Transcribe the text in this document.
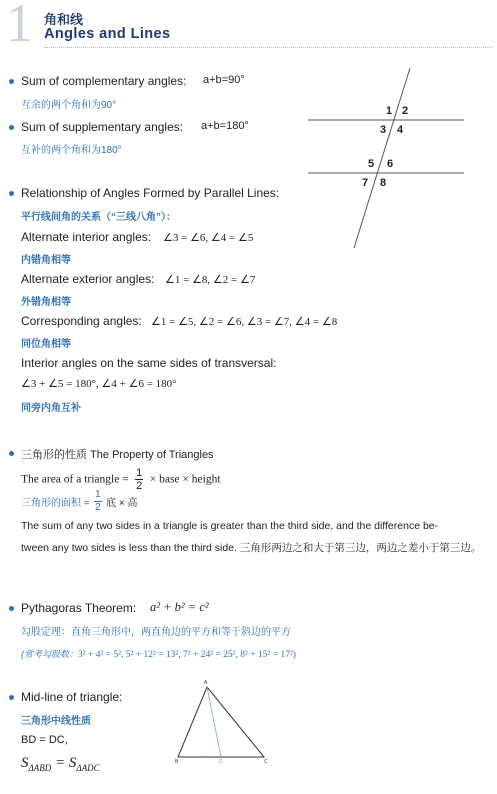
1 角和线
Angles and Lines
Sum of complementary angles: a+b=90°
互余的两个角和为90°
Sum of supplementary angles: a+b=180°
互补的两个角和为180°
1 2
3 4
5 6
7 8
Relationship of Angles Formed by Parallel Lines:
平行线间角的关系（“三线八角”）：
Alternate interior angles: ∠3 = ∠6, ∠4 = ∠5
内错角相等
Alternate exterior angles: ∠1 = ∠8, ∠2 = ∠7
外错角相等
Corresponding angles: ∠1 = ∠5, ∠2 = ∠6, ∠3 = ∠7, ∠4 = ∠8
同位角相等
Interior angles on the same sides of transversal:
∠3 + ∠5 = 180°, ∠4 + ∠6 = 180°
同旁内角互补
三角形的性质 The Property of Triangles
The area of a triangle = $\frac{1}{2}$ × base × height
三角形的面积 = $\frac{1}{2}$ 底 × 高
The sum of any two sides in a triangle is greater than the third side, and the difference be-
tween any two sides is less than the third side. 三角形两边之和大于第三边，两边之差小于第三边。
Pythagoras Theorem: a² + b² = c²
勾股定理：直角三角形中，两直角边的平方和等于斜边的平方
(常考勾股数：3² + 4² = 5², 5² + 12² = 13², 7² + 24² = 25², 8² + 15² = 17²)
Mid-line of triangle:
三角形中线性质
BD = DC,
$S_{\Delta ABD} = S_{\Delta ADC}$
A
B	C
D
